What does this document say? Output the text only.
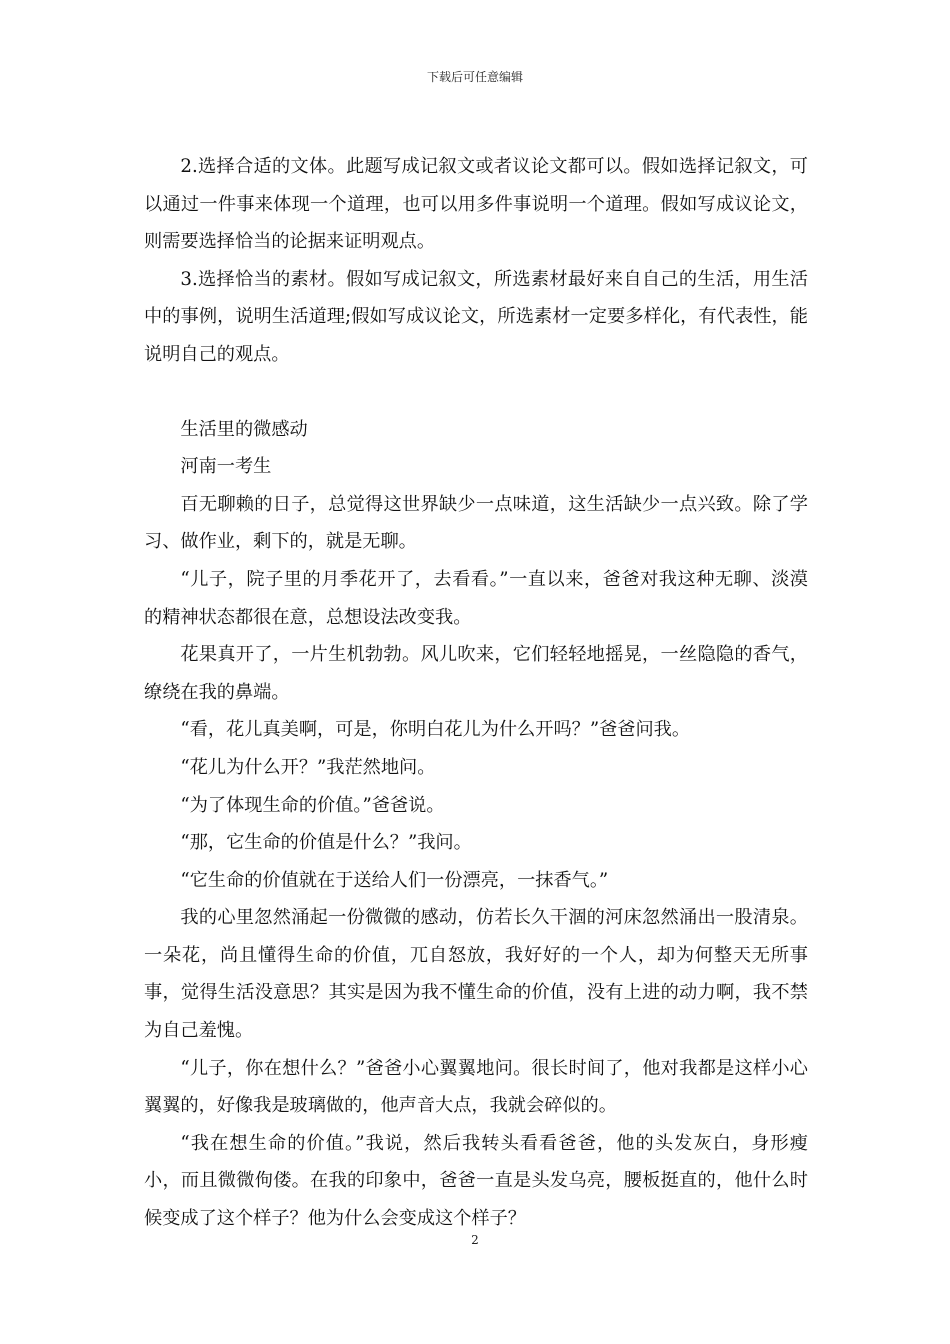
下载后可任意编辑

2.选择合适的文体。此题写成记叙文或者议论文都可以。假如选择记叙文，可以通过一件事来体现一个道理，也可以用多件事说明一个道理。假如写成议论文，则需要选择恰当的论据来证明观点。

3.选择恰当的素材。假如写成记叙文，所选素材最好来自自己的生活，用生活中的事例，说明生活道理;假如写成议论文，所选素材一定要多样化，有代表性，能说明自己的观点。

生活里的微感动

河南一考生

百无聊赖的日子，总觉得这世界缺少一点味道，这生活缺少一点兴致。除了学习、做作业，剩下的，就是无聊。

“儿子，院子里的月季花开了，去看看。”一直以来，爸爸对我这种无聊、淡漠的精神状态都很在意，总想设法改变我。

花果真开了，一片生机勃勃。风儿吹来，它们轻轻地摇晃，一丝隐隐的香气，缭绕在我的鼻端。

“看，花儿真美啊，可是，你明白花儿为什么开吗？”爸爸问我。

“花儿为什么开？”我茫然地问。

“为了体现生命的价值。”爸爸说。

“那，它生命的价值是什么？”我问。

“它生命的价值就在于送给人们一份漂亮，一抹香气。”

我的心里忽然涌起一份微微的感动，仿若长久干涸的河床忽然涌出一股清泉。一朵花，尚且懂得生命的价值，兀自怒放，我好好的一个人，却为何整天无所事事，觉得生活没意思？其实是因为我不懂生命的价值，没有上进的动力啊，我不禁为自己羞愧。

“儿子，你在想什么？”爸爸小心翼翼地问。很长时间了，他对我都是这样小心翼翼的，好像我是玻璃做的，他声音大点，我就会碎似的。

“我在想生命的价值。”我说，然后我转头看看爸爸，他的头发灰白，身形瘦小，而且微微佝偻。在我的印象中，爸爸一直是头发乌亮，腰板挺直的，他什么时候变成了这个样子？他为什么会变成这个样子？

2
